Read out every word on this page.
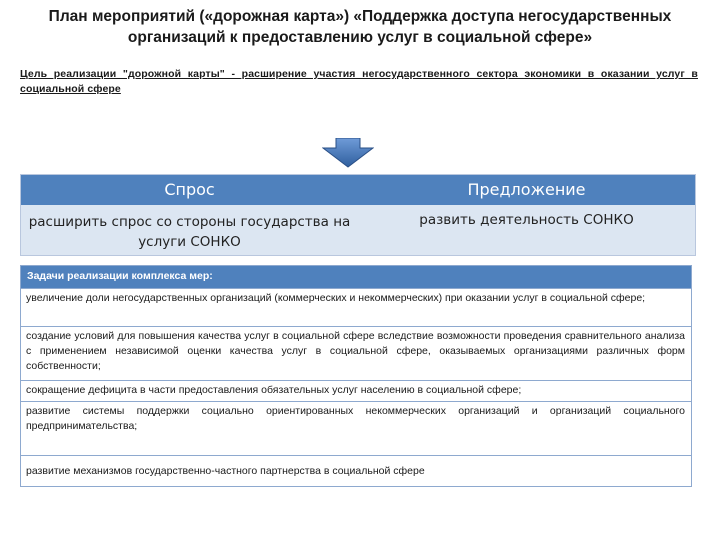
План мероприятий («дорожная карта») «Поддержка доступа негосударственных организаций к предоставлению услуг в социальной сфере»
Цель реализации "дорожной карты" - расширение участия негосударственного сектора экономики в оказании услуг в социальной сфере
Спрос	Предложение
расширить спрос со стороны государства на услуги СОНКО
развить деятельность СОНКО
Задачи реализации комплекса мер:
увеличение доли негосударственных организаций (коммерческих и некоммерческих) при оказании услуг в социальной сфере;
создание условий для повышения качества услуг в социальной сфере вследствие возможности проведения сравнительного анализа с применением независимой оценки качества услуг в социальной сфере, оказываемых организациями различных форм собственности;
сокращение дефицита в части предоставления обязательных услуг населению в социальной сфере;
развитие системы поддержки социально ориентированных некоммерческих организаций и организаций социального предпринимательства;
развитие механизмов государственно-частного партнерства в социальной сфере
